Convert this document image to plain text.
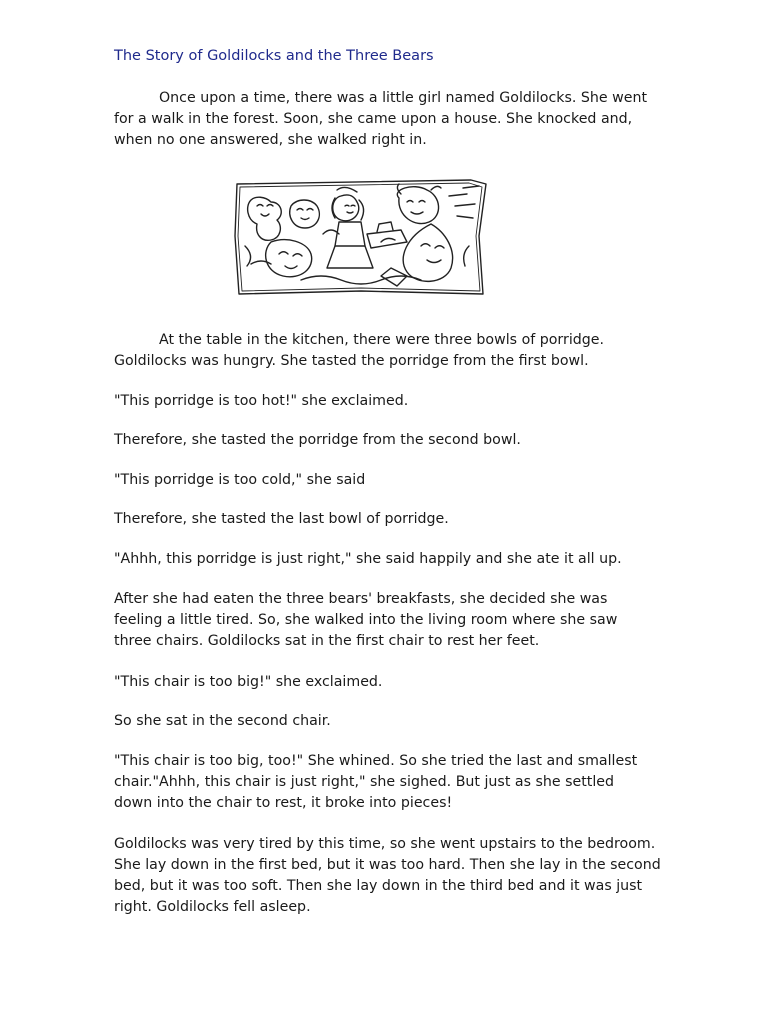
The Story of Goldilocks and the Three Bears

Once upon a time, there was a little girl named Goldilocks. She went
for a walk in the forest. Soon, she came upon a house. She knocked and,
when no one answered, she walked right in.

At the table in the kitchen, there were three bowls of porridge.
Goldilocks was hungry. She tasted the porridge from the first bowl.

"This porridge is too hot!" she exclaimed.

Therefore, she tasted the porridge from the second bowl.

"This porridge is too cold," she said

Therefore, she tasted the last bowl of porridge.

"Ahhh, this porridge is just right," she said happily and she ate it all up.

After she had eaten the three bears' breakfasts, she decided she was
feeling a little tired. So, she walked into the living room where she saw
three chairs. Goldilocks sat in the first chair to rest her feet.

"This chair is too big!" she exclaimed.

So she sat in the second chair.

"This chair is too big, too!" She whined. So she tried the last and smallest
chair."Ahhh, this chair is just right," she sighed. But just as she settled
down into the chair to rest, it broke into pieces!

Goldilocks was very tired by this time, so she went upstairs to the bedroom.
She lay down in the first bed, but it was too hard. Then she lay in the second
bed, but it was too soft. Then she lay down in the third bed and it was just
right. Goldilocks fell asleep.
